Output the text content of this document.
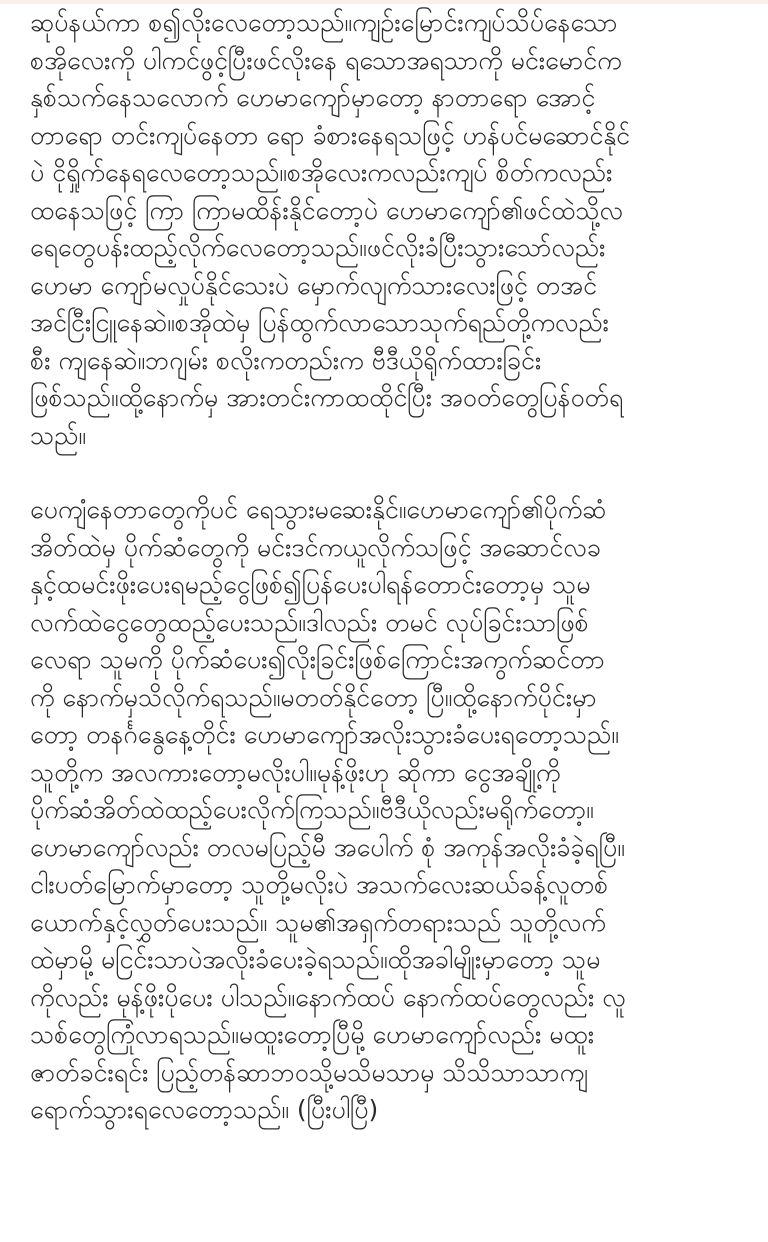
ဆုပ်နယ်ကာ စ၍လိုးလေတော့သည်။ကျဉ်းမြောင်းကျပ်သိပ်နေသော
စအိုလေးကို ပါကင်ဖွင့်ပြီးဖင်လိုးနေ ရသောအရသာကို မင်းမောင်က
နှစ်သက်နေသလောက် ဟေမာကျော်မှာတော့ နာတာရော အောင့်
တာရော တင်းကျပ်နေတာ ရော ခံစားနေရသဖြင့် ဟန်ပင်မဆောင်နိုင်
ပဲ ငိုရှိုက်နေရလေတော့သည်။စအိုလေးကလည်းကျပ် စိတ်ကလည်း
ထနေသဖြင့် ကြာ ကြာမထိန်းနိုင်တော့ပဲ ဟေမာကျော်၏ဖင်ထဲသို့လ
ရေတွေပန်းထည့်လိုက်လေတော့သည်။ဖင်လိုးခံပြီးသွားသော်လည်း
ဟေမာ ကျော်မလှုပ်နိုင်သေးပဲ မှောက်လျက်သားလေးဖြင့် တအင်
အင်ငြီးငြူနေဆဲ။စအိုထဲမှ ပြန်ထွက်လာသောသုက်ရည်တို့ကလည်း
စီး ကျနေဆဲ။ဘဂျမ်း စလိုးကတည်းက ဗီဒီယိုရိုက်ထားခြင်း
ဖြစ်သည်။ထို့နောက်မှ အားတင်းကာထထိုင်ပြီး အဝတ်တွေပြန်ဝတ်ရ
သည်။

ပေကျံနေတာတွေကိုပင် ရေသွားမဆေးနိုင်။ဟေမာကျော်၏ပိုက်ဆံ
အိတ်ထဲမှ ပိုက်ဆံတွေကို မင်းဒင်ကယူလိုက်သဖြင့် အဆောင်လခ
နှင့်ထမင်းဖိုးပေးရမည့်ငွေဖြစ်၍ပြန်ပေးပါရန်တောင်းတော့မှ သူမ
လက်ထဲငွေတွေထည့်ပေးသည်။ဒါလည်း တမင် လုပ်ခြင်းသာဖြစ်
လေရာ သူမကို ပိုက်ဆံပေး၍လိုးခြင်းဖြစ်ကြောင်းအကွက်ဆင်တာ
ကို နောက်မှသိလိုက်ရသည်။မတတ်နိုင်တော့ ပြီ။ထို့နောက်ပိုင်းမှာ
တော့ တနင်္ဂနွေနေ့တိုင်း ဟေမာကျော်အလိုးသွားခံပေးရတော့သည်။
သူတို့က အလကားတော့မလိုးပါ။မုန့်ဖိုးဟု ဆိုကာ ငွေအချို့ကို
ပိုက်ဆံအိတ်ထဲထည့်ပေးလိုက်ကြသည်။ဗီဒီယိုလည်းမရိုက်တော့။
ဟေမာကျော်လည်း တလမပြည့်မီ အပေါက် စုံ အကုန်အလိုးခံခဲ့ရပြီ။
ငါးပတ်မြောက်မှာတော့ သူတို့မလိုးပဲ အသက်လေးဆယ်ခန့်လူတစ်
ယောက်နှင့်လွှတ်ပေးသည်။ သူမ၏အရှက်တရားသည် သူတို့လက်
ထဲမှာမို့ မငြင်းသာပဲအလိုးခံပေးခဲ့ရသည်။ထိုအခါမျိုးမှာတော့ သူမ
ကိုလည်း မုန့်ဖိုးပိုပေး ပါသည်။နောက်ထပ် နောက်ထပ်တွေလည်း လူ
သစ်တွေကြုံလာရသည်။မထူးတော့ပြီမို့ ဟေမာကျော်လည်း မထူး
ဇာတ်ခင်းရင်း ပြည့်တန်ဆာဘဝသို့မသိမသာမှ သိသိသာသာကျ
ရောက်သွားရလေတော့သည်။ (ပြီးပါပြီ)
